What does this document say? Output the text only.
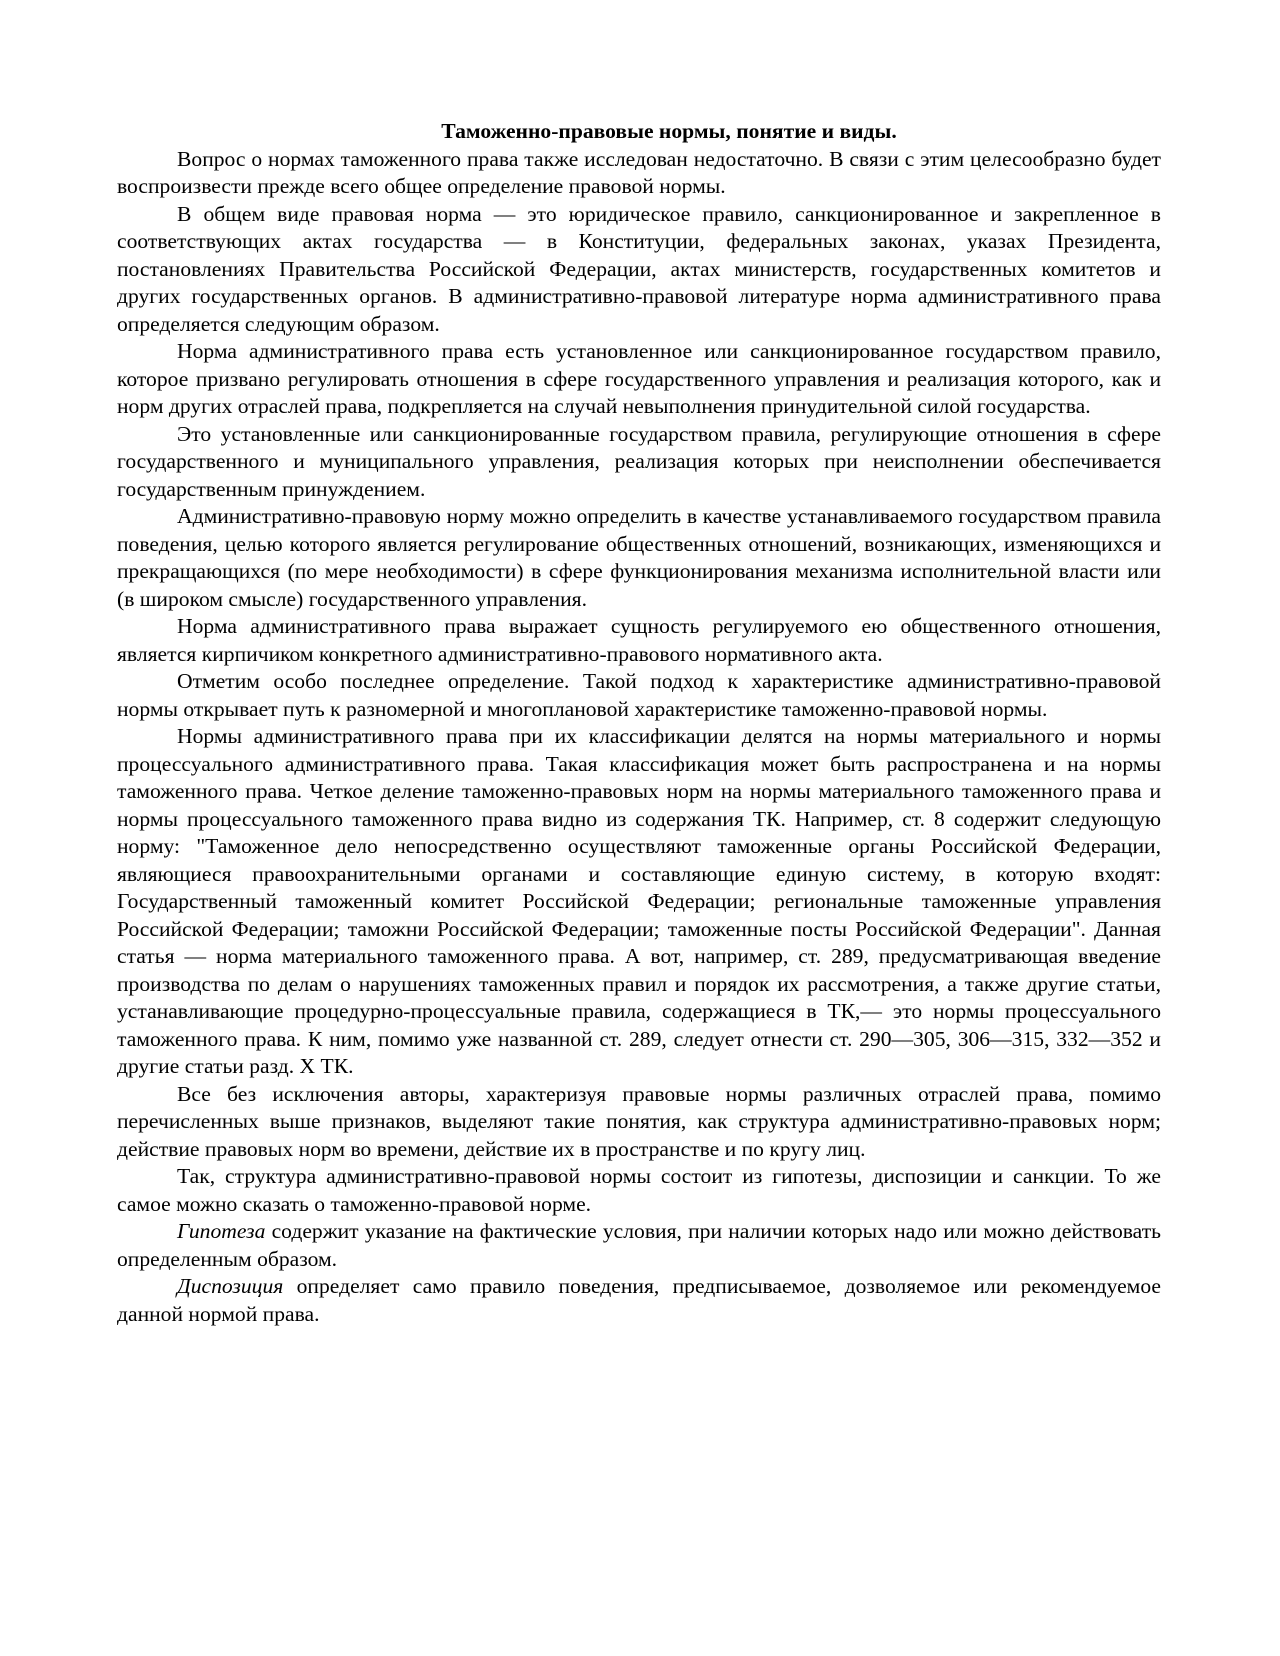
Таможенно-правовые нормы, понятие и виды.

Вопрос о нормах таможенного права также исследован недостаточно. В связи с этим целесообразно будет воспроизвести прежде всего общее определение правовой нормы.

В общем виде правовая норма — это юридическое правило, санкционированное и закрепленное в соответствующих актах государства — в Конституции, федеральных законах, указах Президента, постановлениях Правительства Российской Федерации, актах министерств, государственных комитетов и других государственных органов. В административно-правовой литературе норма административного права определяется следующим образом.

Норма административного права есть установленное или санкционированное государством правило, которое призвано регулировать отношения в сфере государственного управления и реализация которого, как и норм других отраслей права, подкрепляется на случай невыполнения принудительной силой государства.

Это установленные или санкционированные государством правила, регулирующие отношения в сфере государственного и муниципального управления, реализация которых при неисполнении обеспечивается государственным принуждением.

Административно-правовую норму можно определить в качестве устанавливаемого государством правила поведения, целью которого является регулирование общественных отношений, возникающих, изменяющихся и прекращающихся (по мере необходимости) в сфере функционирования механизма исполнительной власти или (в широком смысле) государственного управления.

Норма административного права выражает сущность регулируемого ею общественного отношения, является кирпичиком конкретного административно-правового нормативного акта.

Отметим особо последнее определение. Такой подход к характеристике административно-правовой нормы открывает путь к разномерной и многоплановой характеристике таможенно-правовой нормы.

Нормы административного права при их классификации делятся на нормы материального и нормы процессуального административного права. Такая классификация может быть распространена и на нормы таможенного права. Четкое деление таможенно-правовых норм на нормы материального таможенного права и нормы процессуального таможенного права видно из содержания ТК. Например, ст. 8 содержит следующую норму: "Таможенное дело непосредственно осуществляют таможенные органы Российской Федерации, являющиеся правоохранительными органами и составляющие единую систему, в которую входят: Государственный таможенный комитет Российской Федерации; региональные таможенные управления Российской Федерации; таможни Российской Федерации; таможенные посты Российской Федерации". Данная статья — норма материального таможенного права. А вот, например, ст. 289, предусматривающая введение производства по делам о нарушениях таможенных правил и порядок их рассмотрения, а также другие статьи, устанавливающие процедурно-процессуальные правила, содержащиеся в ТК,— это нормы процессуального таможенного права. К ним, помимо уже названной ст. 289, следует отнести ст. 290—305, 306—315, 332—352 и другие статьи разд. X ТК.

Все без исключения авторы, характеризуя правовые нормы различных отраслей права, помимо перечисленных выше признаков, выделяют такие понятия, как структура административно-правовых норм; действие правовых норм во времени, действие их в пространстве и по кругу лиц.

Так, структура административно-правовой нормы состоит из гипотезы, диспозиции и санкции. То же самое можно сказать о таможенно-правовой норме.

Гипотеза содержит указание на фактические условия, при наличии которых надо или можно действовать определенным образом.

Диспозиция определяет само правило поведения, предписываемое, дозволяемое или рекомендуемое данной нормой права.
